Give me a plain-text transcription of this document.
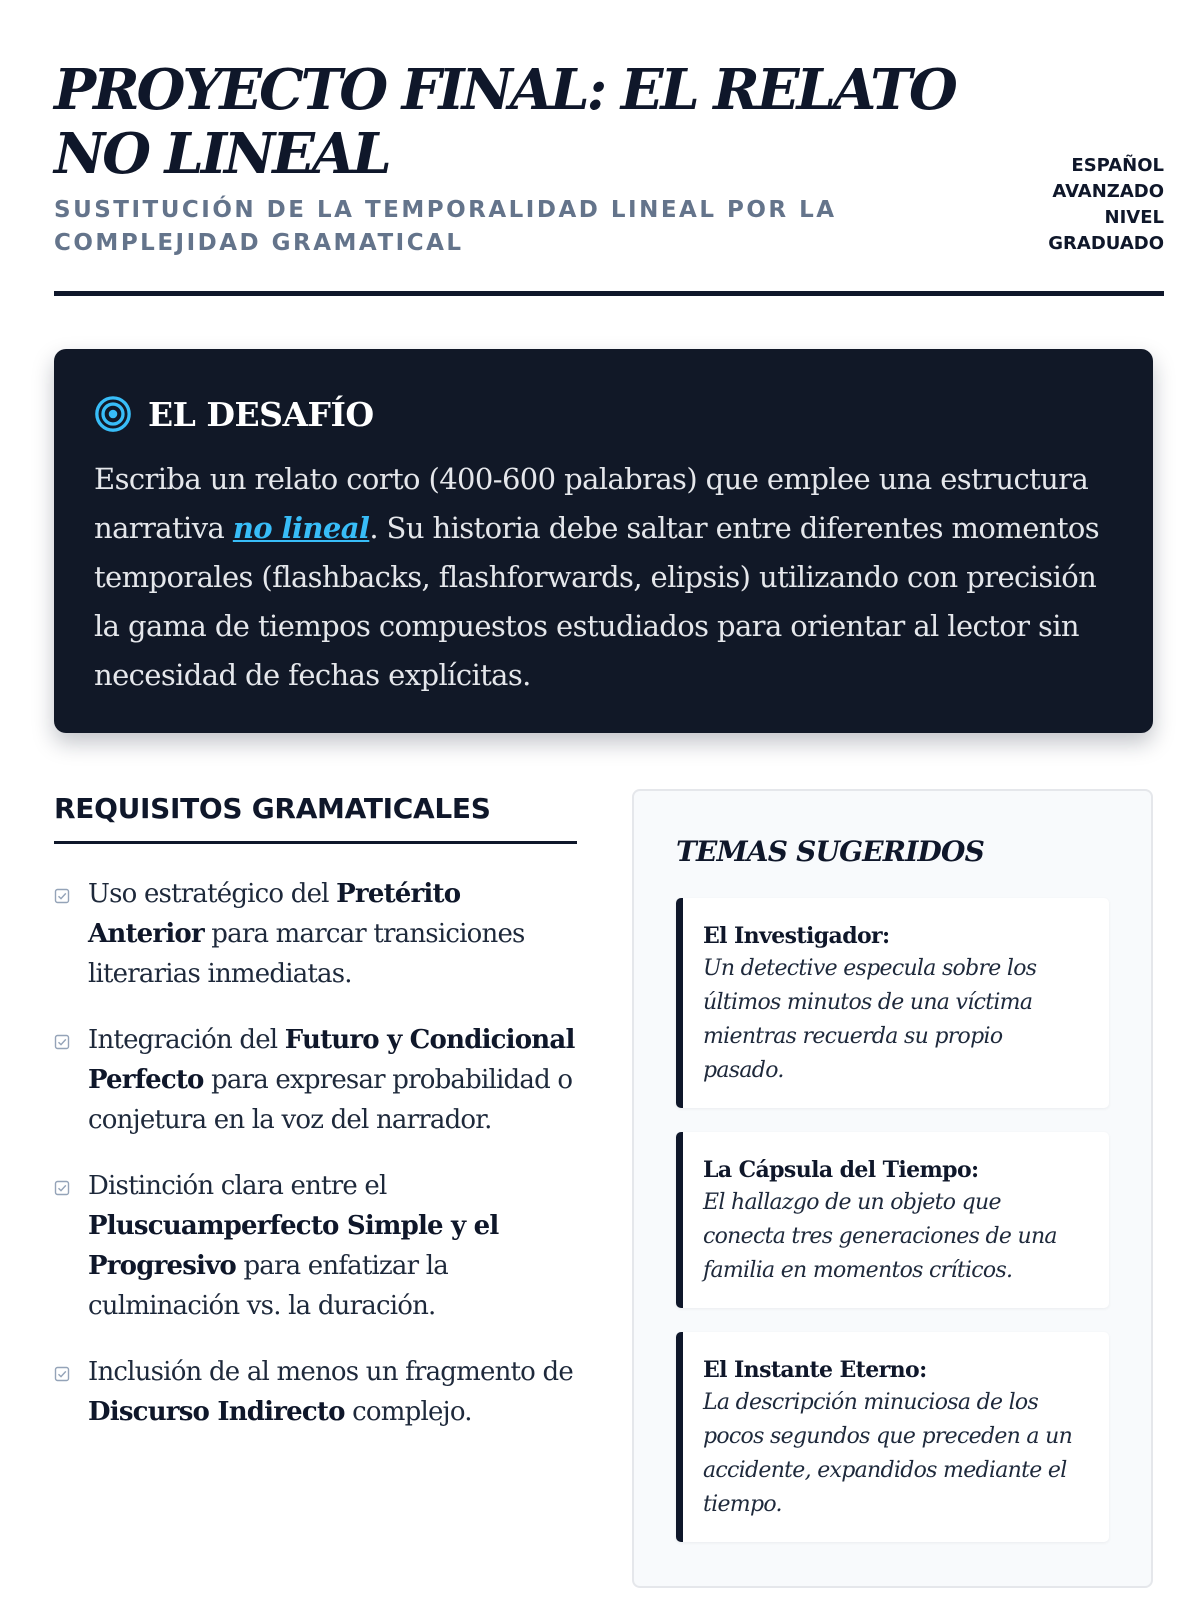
PROYECTO FINAL: EL RELATO NO LINEAL
SUSTITUCIÓN DE LA TEMPORALIDAD LINEAL POR LA COMPLEJIDAD GRAMATICAL
ESPAÑOL
AVANZADO
NIVEL
GRADUADO
EL DESAFÍO

Escriba un relato corto (400-600 palabras) que emplee una estructura narrativa no lineal. Su historia debe saltar entre diferentes momentos temporales (flashbacks, flashforwards, elipsis) utilizando con precisión la gama de tiempos compuestos estudiados para orientar al lector sin necesidad de fechas explícitas.

REQUISITOS GRAMATICALES
Uso estratégico del Pretérito Anterior para marcar transiciones literarias inmediatas.
Integración del Futuro y Condicional Perfecto para expresar probabilidad o conjetura en la voz del narrador.
Distinción clara entre el Pluscuamperfecto Simple y el Progresivo para enfatizar la culminación vs. la duración.
Inclusión de al menos un fragmento de Discurso Indirecto complejo.
TEMAS SUGERIDOS
El Investigador:
Un detective especula sobre los últimos minutos de una víctima mientras recuerda su propio pasado.
La Cápsula del Tiempo:
El hallazgo de un objeto que conecta tres generaciones de una familia en momentos críticos.
El Instante Eterno:
La descripción minuciosa de los pocos segundos que preceden a un accidente, expandidos mediante el tiempo.
